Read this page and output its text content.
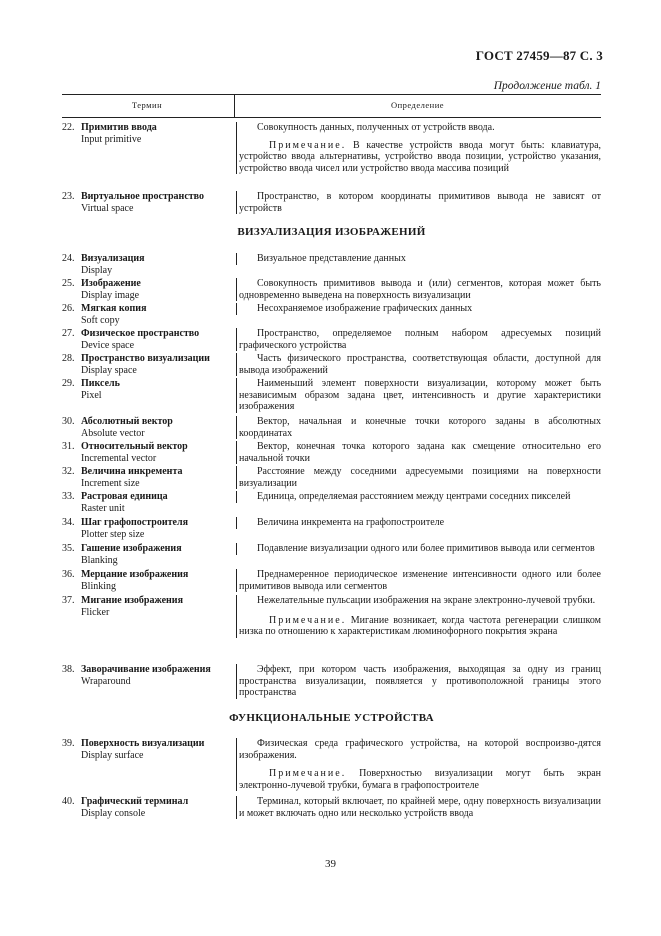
ГОСТ 27459—87 С. 3
Продолжение табл. 1
Термин	Определение
22. Примитив ввода
Input primitive

Совокупность данных, полученных от устройств ввода.

Примечание. В качестве устройств ввода могут быть: клавиатура, устройство ввода альтернативы, устройство ввода позиции, устройство указания, устройство ввода чисел или устройство ввода массива позиций

23. Виртуальное пространство
Virtual space

Пространство, в котором координаты примитивов вывода не зависят от устройств

ВИЗУАЛИЗАЦИЯ ИЗОБРАЖЕНИЙ
24. Визуализация
Display

Визуальное представление данных

25. Изображение
Display image

Совокупность примитивов вывода и (или) сегментов, которая может быть одновременно выведена на поверхность визуализации

26. Мягкая копия
Soft copy

Несохраняемое изображение графических данных

27. Физическое пространство
Device space

Пространство, определяемое полным набором адресуемых позиций графического устройства

28. Пространство визуализации
Display space

Часть физического пространства, соответствующая области, доступной для вывода изображений

29. Пиксель
Pixel

Наименьший элемент поверхности визуализации, которому может быть независимым образом задана цвет, интенсивность и другие характеристики изображения

30. Абсолютный вектор
Absolute vector

Вектор, начальная и конечные точки которого заданы в абсолютных координатах

31. Относительный вектор
Incremental vector

Вектор, конечная точка которого задана как смещение относительно его начальной точки

32. Величина инкремента
Increment size

Расстояние между соседними адресуемыми позициями на поверхности визуализации

33. Растровая единица
Raster unit

Единица, определяемая расстоянием между центрами соседних пикселей

34. Шаг графопостроителя
Plotter step size

Величина инкремента на графопостроителе

35. Гашение изображения
Blanking

Подавление визуализации одного или более примитивов вывода или сегментов

36. Мерцание изображения
Blinking

Преднамеренное периодическое изменение интенсивности одного или более примитивов вывода или сегментов

37. Мигание изображения
Flicker

Нежелательные пульсации изображения на экране электронно-лучевой трубки.

Примечание. Мигание возникает, когда частота регенерации слишком низка по отношению к характеристикам люминофорного покрытия экрана

38. Заворачивание изображения
Wraparound

Эффект, при котором часть изображения, выходящая за одну из границ пространства визуализации, появляется у противоположной границы этого пространства

ФУНКЦИОНАЛЬНЫЕ УСТРОЙСТВА
39. Поверхность визуализации
Display surface

Физическая среда графического устройства, на которой воспроизво-дятся изображения.

Примечание. Поверхностью визуализации могут быть экран электронно-лучевой трубки, бумага в графопостроителе

40. Графический терминал
Display console

Терминал, который включает, по крайней мере, одну поверхность визуализации и может включать одно или несколько устройств ввода

39
